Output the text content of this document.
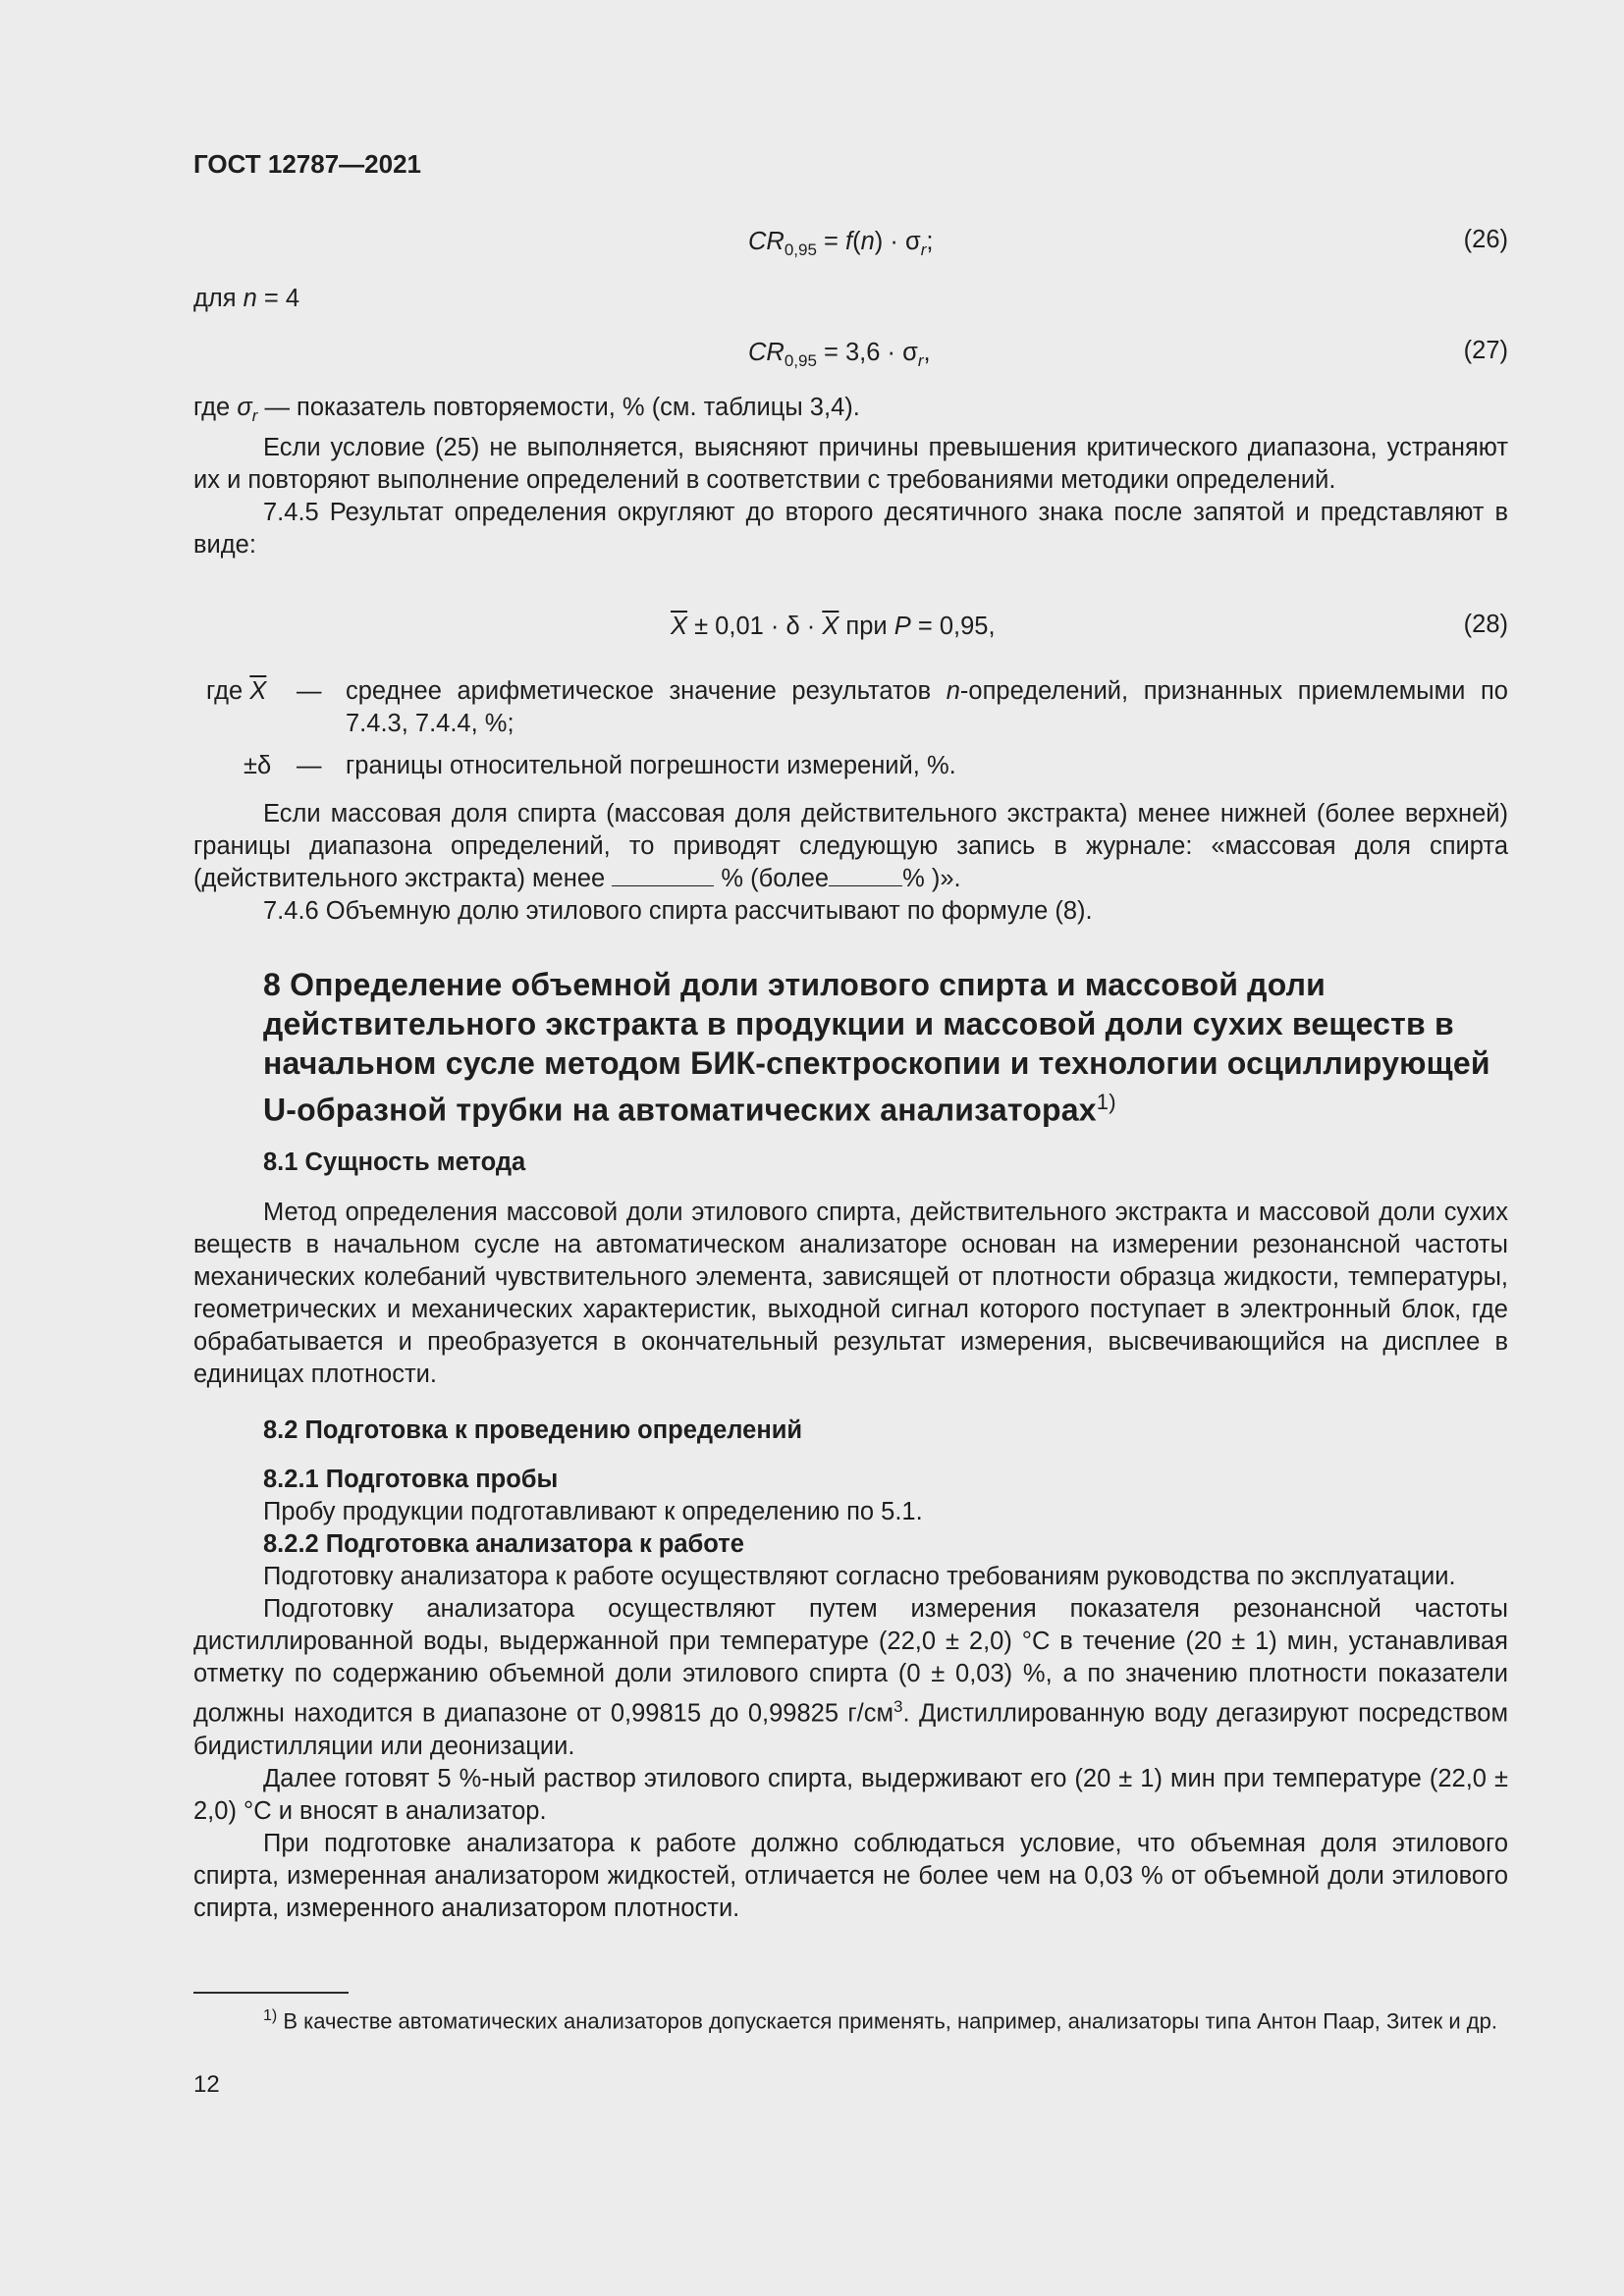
ГОСТ 12787—2021
$CR_{0,95} = f(n) \cdot \sigma_r$;	(26)
для n = 4
$CR_{0,95} = 3,6 \cdot \sigma_r$,	(27)

где $\sigma_r$ — показатель повторяемости, % (см. таблицы 3,4).

Если условие (25) не выполняется, выясняют причины превышения критического диапазона, устраняют их и повторяют выполнение определений в соответствии с требованиями методики определений.

7.4.5 Результат определения округляют до второго десятичного знака после запятой и представляют в виде:

$\overline{X} \pm 0,01 \cdot \delta \cdot \overline{X}$ при P = 0,95,	(28)
где $\overline{X}$ — среднее арифметическое значение результатов n-определений, признанных приемлемыми по 7.4.3, 7.4.4, %;
±δ — границы относительной погрешности измерений, %.

Если массовая доля спирта (массовая доля действительного экстракта) менее нижней (более верхней) границы диапазона определений, то приводят следующую запись в журнале: «массовая доля спирта (действительного экстракта) менее	% (более	% )».

7.4.6 Объемную долю этилового спирта рассчитывают по формуле (8).

8 Определение объемной доли этилового спирта и массовой доли действительного экстракта в продукции и массовой доли сухих веществ в начальном сусле методом БИК-спектроскопии и технологии осциллирующей U-образной трубки на автоматических анализаторах$^{1)}$
8.1 Сущность метода

Метод определения массовой доли этилового спирта, действительного экстракта и массовой доли сухих веществ в начальном сусле на автоматическом анализаторе основан на измерении резонансной частоты механических колебаний чувствительного элемента, зависящей от плотности образца жидкости, температуры, геометрических и механических характеристик, выходной сигнал которого поступает в электронный блок, где обрабатывается и преобразуется в окончательный результат измерения, высвечивающийся на дисплее в единицах плотности.

8.2 Подготовка к проведению определений

8.2.1 Подготовка пробы

Пробу продукции подготавливают к определению по 5.1.

8.2.2 Подготовка анализатора к работе

Подготовку анализатора к работе осуществляют согласно требованиям руководства по эксплуатации.

Подготовку анализатора осуществляют путем измерения показателя резонансной частоты дистиллированной воды, выдержанной при температуре (22,0 ± 2,0) °С в течение (20 ± 1) мин, устанавливая отметку по содержанию объемной доли этилового спирта (0 ± 0,03) %, а по значению плотности показатели должны находится в диапазоне от 0,99815 до 0,99825 $г/см^3$. Дистиллированную воду дегазируют посредством бидистилляции или деонизации.

Далее готовят 5 %-ный раствор этилового спирта, выдерживают его (20 ± 1) мин при температуре (22,0 ± 2,0) °С и вносят в анализатор.

При подготовке анализатора к работе должно соблюдаться условие, что объемная доля этилового спирта, измеренная анализатором жидкостей, отличается не более чем на 0,03 % от объемной доли этилового спирта, измеренного анализатором плотности.

$^{1)}$ В качестве автоматических анализаторов допускается применять, например, анализаторы типа Антон Паар, Зитек и др.
12
